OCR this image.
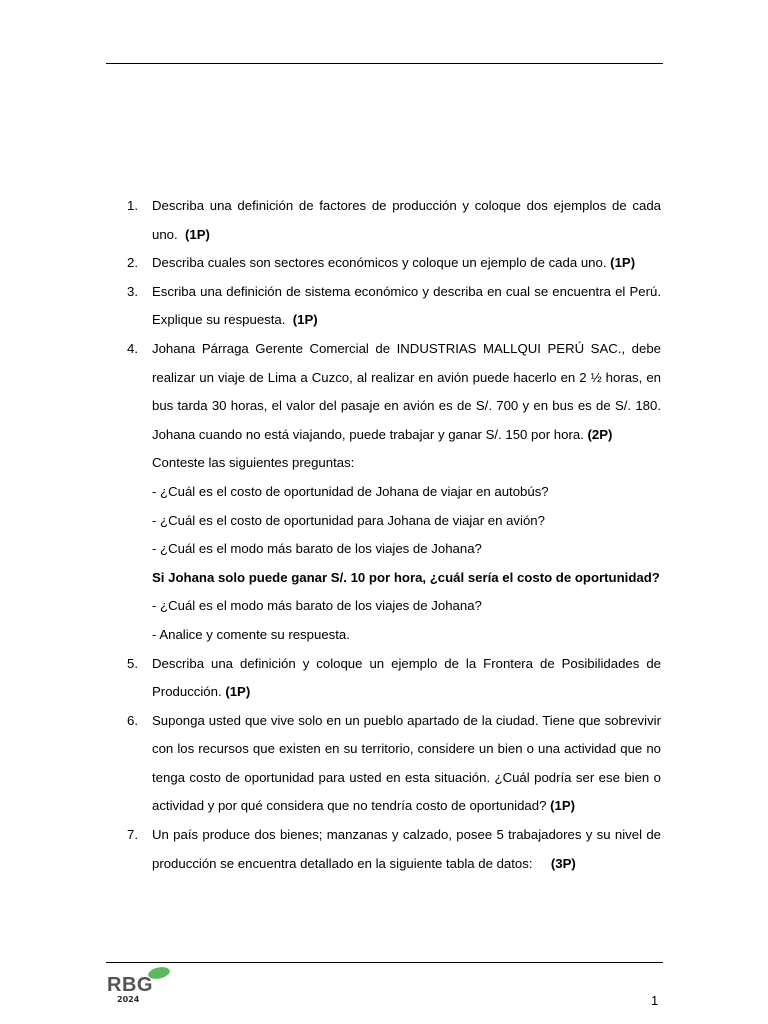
1. Describa una definición de factores de producción y coloque dos ejemplos de cada uno. (1P)
2. Describa cuales son sectores económicos y coloque un ejemplo de cada uno. (1P)
3. Escriba una definición de sistema económico y describa en cual se encuentra el Perú. Explique su respuesta. (1P)
4. Johana Párraga Gerente Comercial de INDUSTRIAS MALLQUI PERÚ SAC., debe realizar un viaje de Lima a Cuzco, al realizar en avión puede hacerlo en 2 ½ horas, en bus tarda 30 horas, el valor del pasaje en avión es de S/. 700 y en bus es de S/. 180. Johana cuando no está viajando, puede trabajar y ganar S/. 150 por hora. (2P)
Conteste las siguientes preguntas:
- ¿Cuál es el costo de oportunidad de Johana de viajar en autobús?
- ¿Cuál es el costo de oportunidad para Johana de viajar en avión?
- ¿Cuál es el modo más barato de los viajes de Johana?
Si Johana solo puede ganar S/. 10 por hora, ¿cuál sería el costo de oportunidad?
- ¿Cuál es el modo más barato de los viajes de Johana?
- Analice y comente su respuesta.
5. Describa una definición y coloque un ejemplo de la Frontera de Posibilidades de Producción. (1P)
6. Suponga usted que vive solo en un pueblo apartado de la ciudad. Tiene que sobrevivir con los recursos que existen en su territorio, considere un bien o una actividad que no tenga costo de oportunidad para usted en esta situación. ¿Cuál podría ser ese bien o actividad y por qué considera que no tendría costo de oportunidad? (1P)
7. Un país produce dos bienes; manzanas y calzado, posee 5 trabajadores y su nivel de producción se encuentra detallado en la siguiente tabla de datos: (3P)
RBG
2024	1
